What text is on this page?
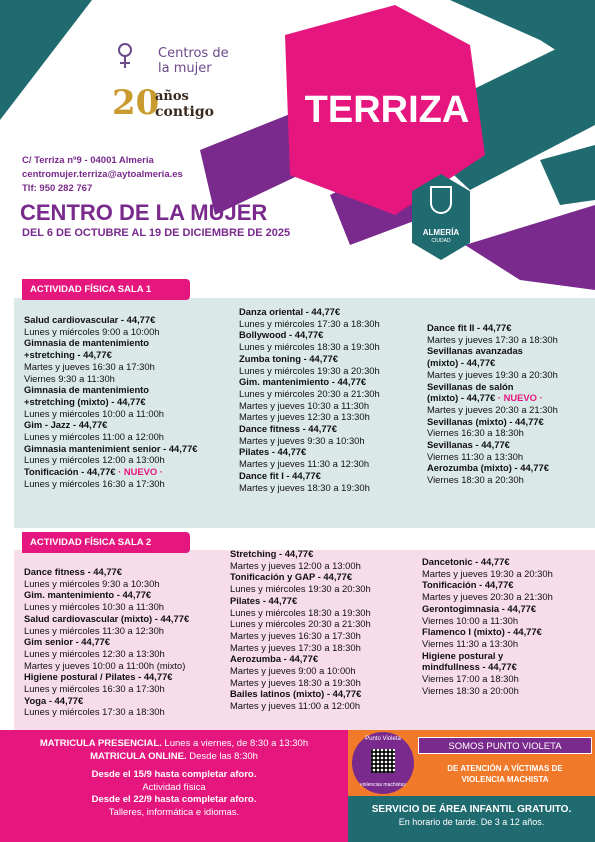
Centros de
la mujer
20
años
contigo	TERRIZA
C/ Terriza nº9 - 04001 Almería
centromujer.terriza@aytoalmeria.es
Tlf: 950 282 767
CENTRO DE LA MUJER
DEL 6 DE OCTUBRE AL 19 DE DICIEMBRE DE 2025	ALMERÍA
CIUDAD
ACTIVIDAD FÍSICA SALA 1
Salud cardiovascular - 44,77€
Lunes y miércoles 9:00 a 10:00h
Gimnasia de mantenimiento
+stretching - 44,77€
Martes y jueves 16:30 a 17:30h
Viernes 9:30 a 11:30h
Gimnasia de mantenimiento
+stretching (mixto) - 44,77€
Lunes y miércoles 10:00 a 11:00h
Gim - Jazz - 44,77€
Lunes y miércoles 11:00 a 12:00h
Gimnasia mantenimient senior - 44,77€
Lunes y miércoles 12:00 a 13:00h
Tonificación - 44,77€ · NUEVO ·
Lunes y miércoles 16:30 a 17:30h
Danza oriental - 44,77€
Lunes y miércoles 17:30 a 18:30h
Bollywood - 44,77€
Lunes y miércoles 18:30 a 19:30h
Zumba toning - 44,77€
Lunes y miércoles 19:30 a 20:30h
Gim. mantenimiento - 44,77€
Lunes y miércoles 20:30 a 21:30h
Martes y jueves 10:30 a 11:30h
Martes y jueves 12:30 a 13:30h
Dance fitness - 44,77€
Martes y jueves 9:30 a 10:30h
Pilates - 44,77€
Martes y jueves 11:30 a 12:30h
Dance fit I - 44,77€
Martes y jueves 18:30 a 19:30h
Dance fit II - 44,77€
Martes y jueves 17:30 a 18:30h
Sevillanas avanzadas
(mixto) - 44,77€
Martes y jueves 19:30 a 20:30h
Sevillanas de salón
(mixto) - 44,77€ · NUEVO ·
Martes y jueves 20:30 a 21:30h
Sevillanas (mixto) - 44,77€
Viernes 16:30 a 18:30h
Sevillanas - 44,77€
Viernes 11:30 a 13:30h
Aerozumba (mixto) - 44,77€
Viernes 18:30 a 20:30h
ACTIVIDAD FÍSICA SALA 2
Dance fitness - 44,77€
Lunes y miércoles 9:30 a 10:30h
Gim. mantenimiento - 44,77€
Lunes y miércoles 10:30 a 11:30h
Salud cardiovascular (mixto) - 44,77€
Lunes y miércoles 11:30 a 12:30h
Gim senior - 44,77€
Lunes y miércoles 12:30 a 13:30h
Martes y jueves 10:00 a 11:00h (mixto)
Higiene postural / Pilates - 44,77€
Lunes y miércoles 16:30 a 17:30h
Yoga - 44,77€
Lunes y miércoles 17:30 a 18:30h
Stretching - 44,77€
Martes y jueves 12:00 a 13:00h
Tonificación y GAP - 44,77€
Lunes y miércoles 19:30 a 20:30h
Pilates - 44,77€
Lunes y miércoles 18:30 a 19:30h
Lunes y miércoles 20:30 a 21:30h
Martes y jueves 16:30 a 17:30h
Martes y jueves 17:30 a 18:30h
Aerozumba - 44,77€
Martes y jueves 9:00 a 10:00h
Martes y jueves 18:30 a 19:30h
Bailes latinos (mixto) - 44,77€
Martes y jueves 11:00 a 12:00h
Dancetonic - 44,77€
Martes y jueves 19:30 a 20:30h
Tonificación - 44,77€
Martes y jueves 20:30 a 21:30h
Gerontogimnasia - 44,77€
Viernes 10:00 a 11:30h
Flamenco I (mixto) - 44,77€
Viernes 11:30 a 13:30h
Higiene postural y
mindfullness - 44,77€
Viernes 17:00 a 18:30h
Viernes 18:30 a 20:00h
MATRICULA PRESENCIAL. Lunes a viernes, de 8:30 a 13:30h
MATRICULA ONLINE. Desde las 8:30h
Desde el 15/9 hasta completar aforo.
Actividad física
Desde el 22/9 hasta completar aforo.
Talleres, informática e idiomas.
Punto Violeta
violencias machistas
SOMOS PUNTO VIOLETA
DE ATENCIÓN A VÍCTIMAS DE
VIOLENCIA MACHISTA
SERVICIO DE ÁREA INFANTIL GRATUITO.
En horario de tarde. De 3 a 12 años.
